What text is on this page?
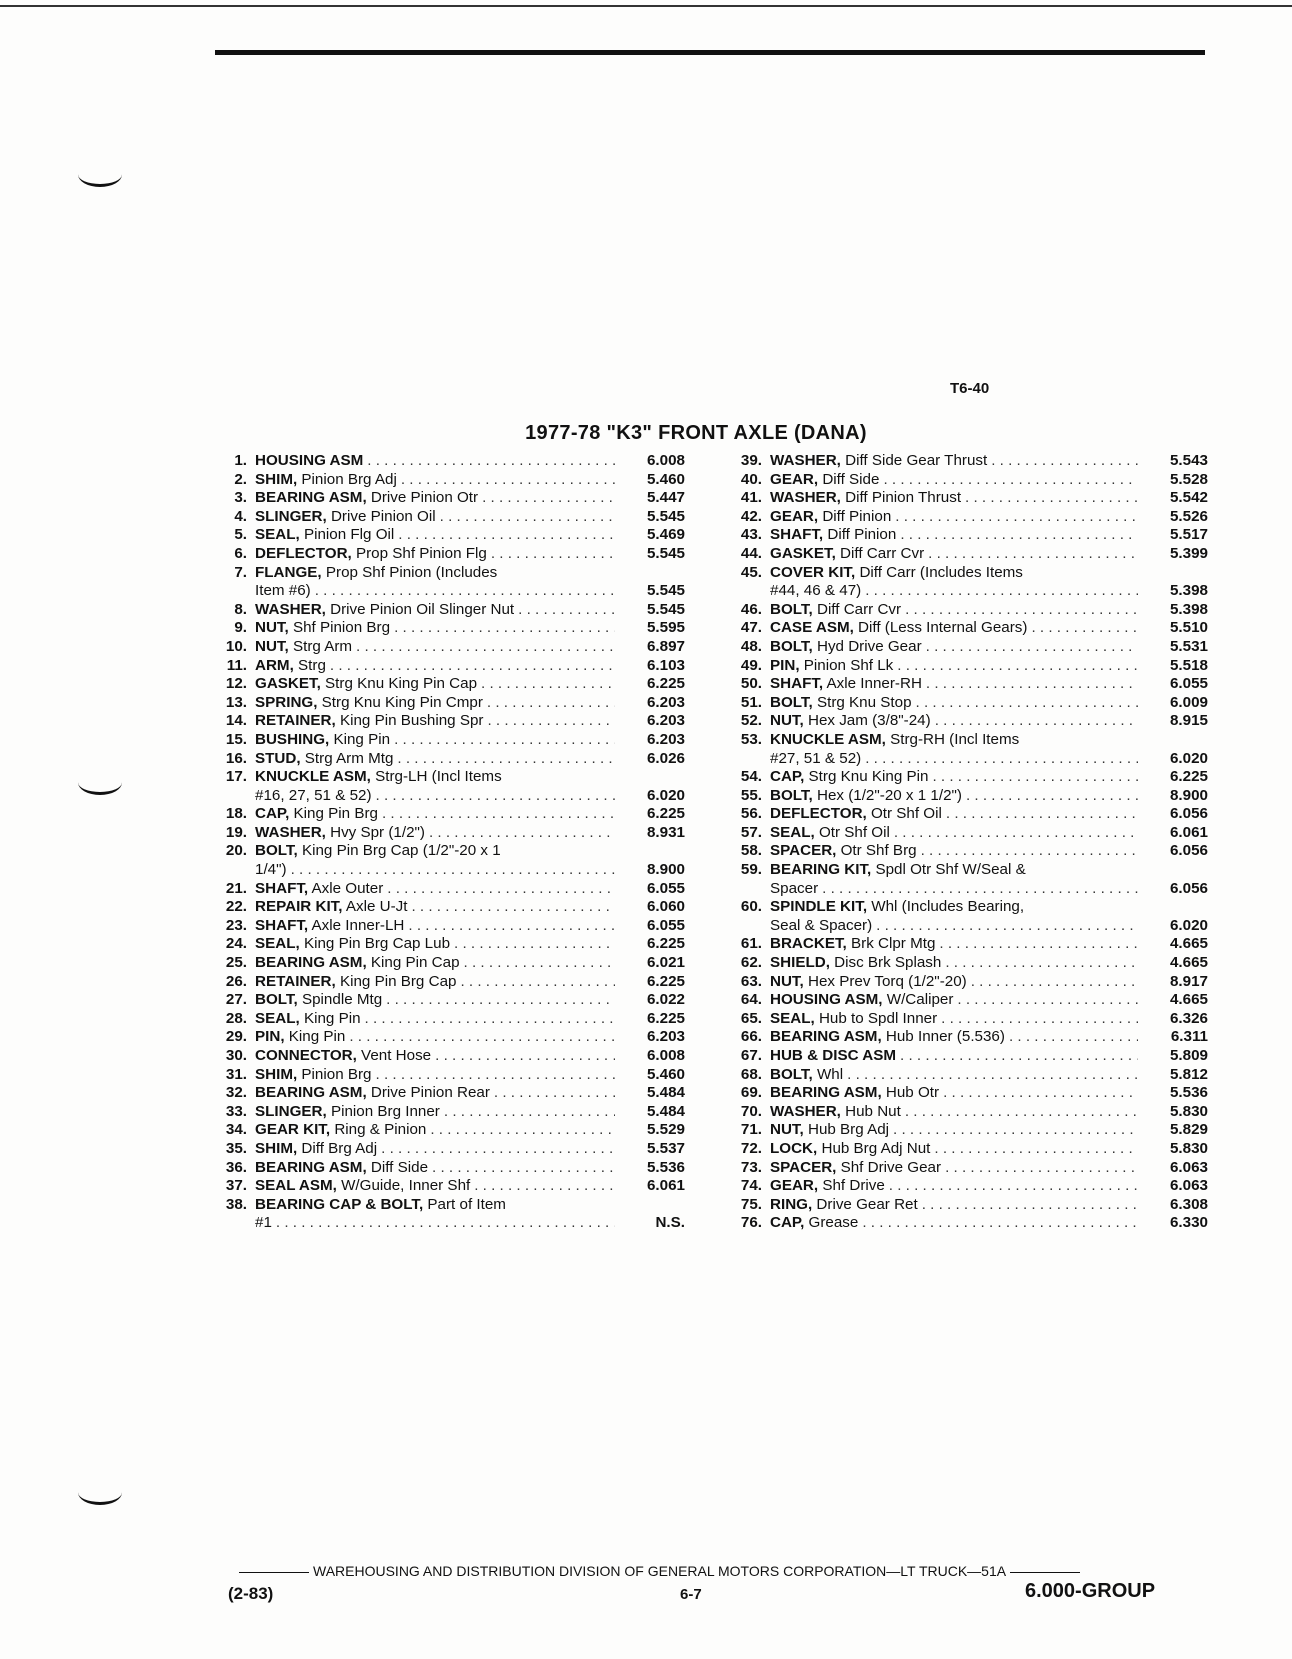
T6-40
1977-78 "K3" FRONT AXLE (DANA)
1. HOUSING ASM . . .	6.008
2. SHIM, Pinion Brg Adj . . .	5.460
3. BEARING ASM, Drive Pinion Otr . . .	5.447
4. SLINGER, Drive Pinion Oil . . .	5.545
5. SEAL, Pinion Flg Oil . . .	5.469
6. DEFLECTOR, Prop Shf Pinion Flg . . .	5.545
7. FLANGE, Prop Shf Pinion (Includes
Item #6) . . .	5.545
8. WASHER, Drive Pinion Oil Slinger Nut . . .	5.545
9. NUT, Shf Pinion Brg . . .	5.595
10. NUT, Strg Arm . . .	6.897
11. ARM, Strg . . .	6.103
12. GASKET, Strg Knu King Pin Cap . . .	6.225
13. SPRING, Strg Knu King Pin Cmpr . . .	6.203
14. RETAINER, King Pin Bushing Spr . . .	6.203
15. BUSHING, King Pin . . .	6.203
16. STUD, Strg Arm Mtg . . .	6.026
17. KNUCKLE ASM, Strg-LH (Incl Items
#16, 27, 51 & 52) . . .	6.020
18. CAP, King Pin Brg . . .	6.225
19. WASHER, Hvy Spr (1/2") . . .	8.931
20. BOLT, King Pin Brg Cap (1/2"-20 x 1
1/4") . . .	8.900
21. SHAFT, Axle Outer . . .	6.055
22. REPAIR KIT, Axle U-Jt . . .	6.060
23. SHAFT, Axle Inner-LH . . .	6.055
24. SEAL, King Pin Brg Cap Lub . . .	6.225
25. BEARING ASM, King Pin Cap . . .	6.021
26. RETAINER, King Pin Brg Cap . . .	6.225
27. BOLT, Spindle Mtg . . .	6.022
28. SEAL, King Pin . . .	6.225
29. PIN, King Pin . . .	6.203
30. CONNECTOR, Vent Hose . . .	6.008
31. SHIM, Pinion Brg . . .	5.460
32. BEARING ASM, Drive Pinion Rear . . .	5.484
33. SLINGER, Pinion Brg Inner . . .	5.484
34. GEAR KIT, Ring & Pinion . . .	5.529
35. SHIM, Diff Brg Adj . . .	5.537
36. BEARING ASM, Diff Side . . .	5.536
37. SEAL ASM, W/Guide, Inner Shf . . .	6.061
38. BEARING CAP & BOLT, Part of Item
#1 . . .	N.S.
39. WASHER, Diff Side Gear Thrust . . .	5.543
40. GEAR, Diff Side . . .	5.528
41. WASHER, Diff Pinion Thrust . . .	5.542
42. GEAR, Diff Pinion . . .	5.526
43. SHAFT, Diff Pinion . . .	5.517
44. GASKET, Diff Carr Cvr . . .	5.399
45. COVER KIT, Diff Carr (Includes Items
#44, 46 & 47) . . .	5.398
46. BOLT, Diff Carr Cvr . . .	5.398
47. CASE ASM, Diff (Less Internal Gears) . . .	5.510
48. BOLT, Hyd Drive Gear . . .	5.531
49. PIN, Pinion Shf Lk . . .	5.518
50. SHAFT, Axle Inner-RH . . .	6.055
51. BOLT, Strg Knu Stop . . .	6.009
52. NUT, Hex Jam (3/8"-24) . . .	8.915
53. KNUCKLE ASM, Strg-RH (Incl Items
#27, 51 & 52) . . .	6.020
54. CAP, Strg Knu King Pin . . .	6.225
55. BOLT, Hex (1/2"-20 x 1 1/2") . . .	8.900
56. DEFLECTOR, Otr Shf Oil . . .	6.056
57. SEAL, Otr Shf Oil . . .	6.061
58. SPACER, Otr Shf Brg . . .	6.056
59. BEARING KIT, Spdl Otr Shf W/Seal &
Spacer . . .	6.056
60. SPINDLE KIT, Whl (Includes Bearing,
Seal & Spacer) . . .	6.020
61. BRACKET, Brk Clpr Mtg . . .	4.665
62. SHIELD, Disc Brk Splash . . .	4.665
63. NUT, Hex Prev Torq (1/2"-20) . . .	8.917
64. HOUSING ASM, W/Caliper . . .	4.665
65. SEAL, Hub to Spdl Inner . . .	6.326
66. BEARING ASM, Hub Inner (5.536) . . .	6.311
67. HUB & DISC ASM . . .	5.809
68. BOLT, Whl . . .	5.812
69. BEARING ASM, Hub Otr . . .	5.536
70. WASHER, Hub Nut . . .	5.830
71. NUT, Hub Brg Adj . . .	5.829
72. LOCK, Hub Brg Adj Nut . . .	5.830
73. SPACER, Shf Drive Gear . . .	6.063
74. GEAR, Shf Drive . . .	6.063
75. RING, Drive Gear Ret . . .	6.308
76. CAP, Grease . . .	6.330
WAREHOUSING AND DISTRIBUTION DIVISION OF GENERAL MOTORS CORPORATION—LT TRUCK—51A
(2-83)	6-7	6.000-GROUP
